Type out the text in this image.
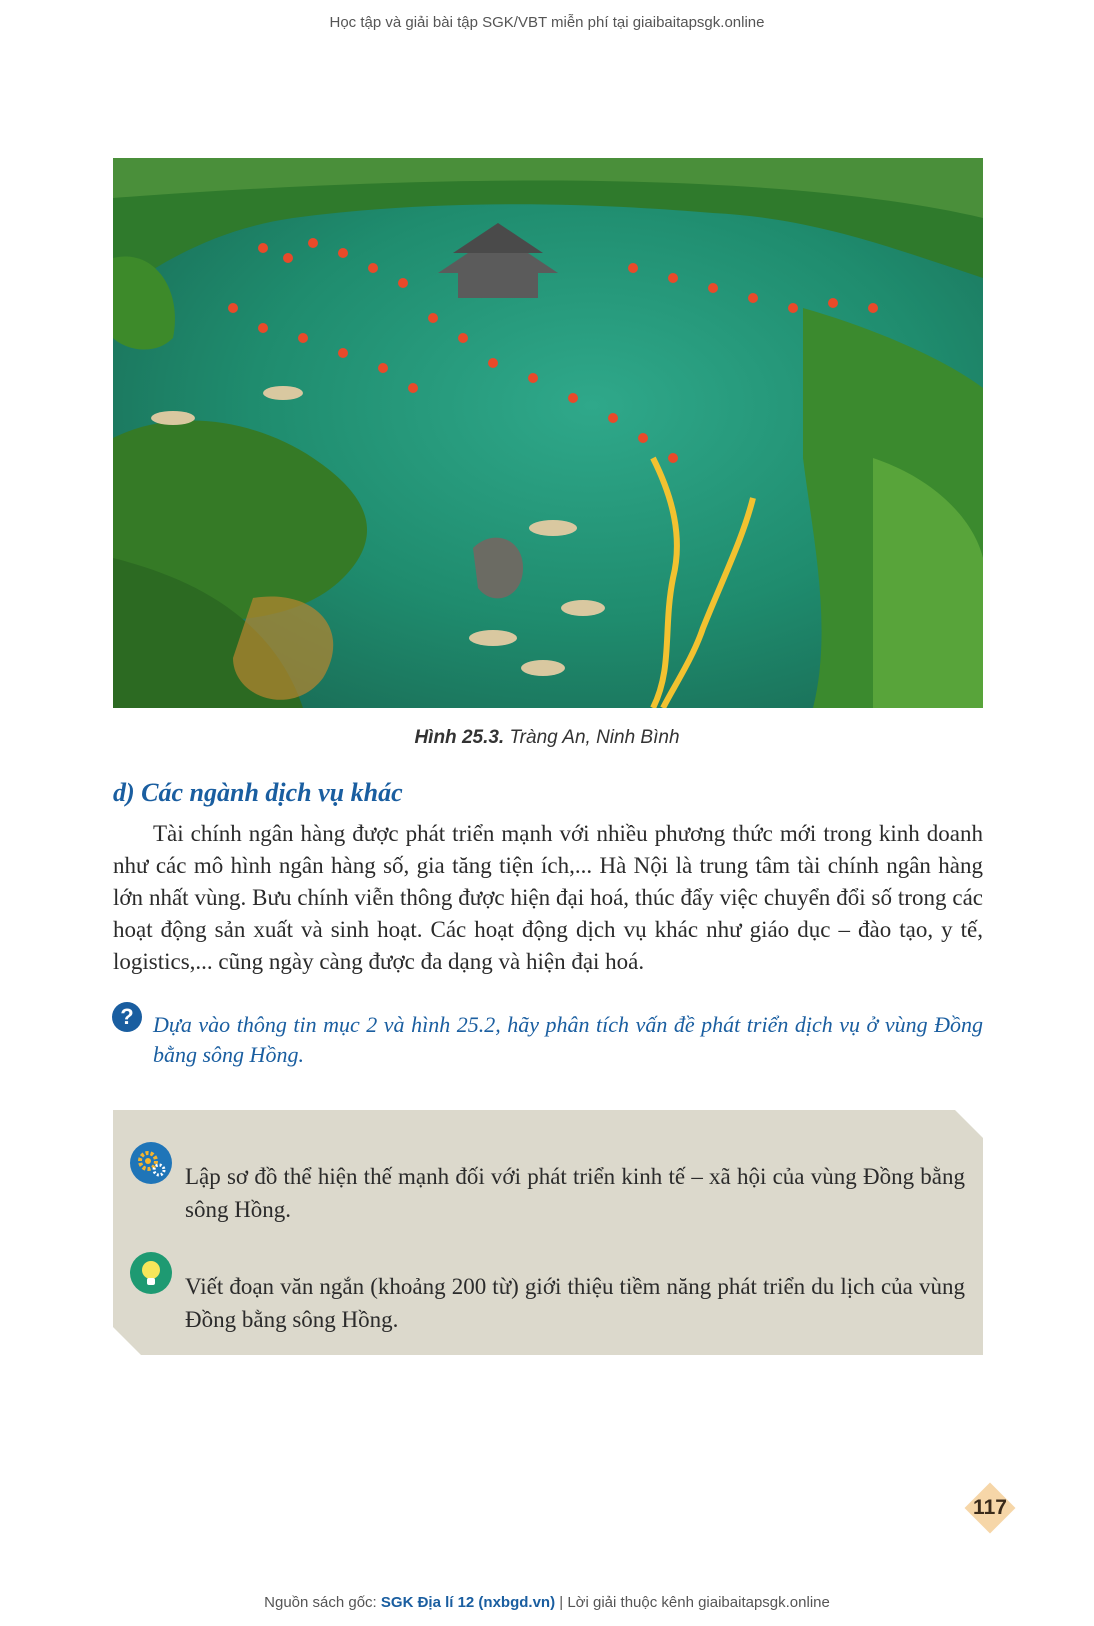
Học tập và giải bài tập SGK/VBT miễn phí tại giaibaitapsgk.online
Hình 25.3. Tràng An, Ninh Bình
d) Các ngành dịch vụ khác

Tài chính ngân hàng được phát triển mạnh với nhiều phương thức mới trong kinh doanh như các mô hình ngân hàng số, gia tăng tiện ích,... Hà Nội là trung tâm tài chính ngân hàng lớn nhất vùng. Bưu chính viễn thông được hiện đại hoá, thúc đẩy việc chuyển đổi số trong các hoạt động sản xuất và sinh hoạt. Các hoạt động dịch vụ khác như giáo dục – đào tạo, y tế, logistics,... cũng ngày càng được đa dạng và hiện đại hoá.

? Dựa vào thông tin mục 2 và hình 25.2, hãy phân tích vấn đề phát triển dịch vụ ở vùng Đồng bằng sông Hồng.

Lập sơ đồ thể hiện thế mạnh đối với phát triển kinh tế – xã hội của vùng Đồng bằng sông Hồng.

Viết đoạn văn ngắn (khoảng 200 từ) giới thiệu tiềm năng phát triển du lịch của vùng Đồng bằng sông Hồng.

117
Nguồn sách gốc: SGK Địa lí 12 (nxbgd.vn) | Lời giải thuộc kênh giaibaitapsgk.online
